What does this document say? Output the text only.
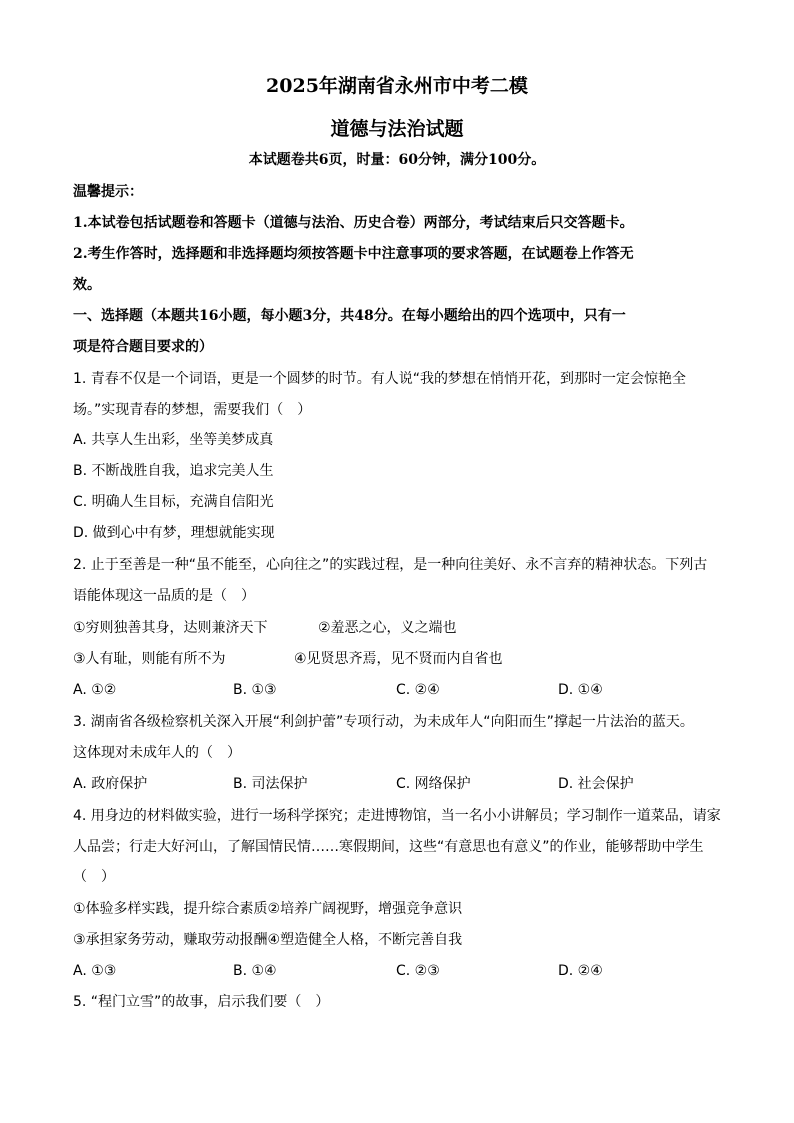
2025年湖南省永州市中考二模
道德与法治试题
本试题卷共6页，时量：60分钟，满分100分。
温馨提示：
1.本试卷包括试题卷和答题卡（道德与法治、历史合卷）两部分，考试结束后只交答题卡。
2.考生作答时，选择题和非选择题均须按答题卡中注意事项的要求答题，在试题卷上作答无
效。
一、选择题（本题共16小题，每小题3分，共48分。在每小题给出的四个选项中，只有一
项是符合题目要求的）
1. 青春不仅是一个词语，更是一个圆梦的时节。有人说“我的梦想在悄悄开花，到那时一定会惊艳全
场。”实现青春的梦想，需要我们（　）
A. 共享人生出彩，坐等美梦成真
B. 不断战胜自我，追求完美人生
C. 明确人生目标，充满自信阳光
D. 做到心中有梦，理想就能实现
2. 止于至善是一种“虽不能至，心向往之”的实践过程，是一种向往美好、永不言弃的精神状态。下列古
语能体现这一品质的是（　）
①穷则独善其身，达则兼济天下	②羞恶之心，义之端也
③人有耻，则能有所不为	④见贤思齐焉，见不贤而内自省也
A. ①②	B. ①③	C. ②④	D. ①④
3. 湖南省各级检察机关深入开展“利剑护蕾”专项行动，为未成年人“向阳而生”撑起一片法治的蓝天。
这体现对未成年人的（　）
A. 政府保护	B. 司法保护	C. 网络保护	D. 社会保护
4. 用身边的材料做实验，进行一场科学探究；走进博物馆，当一名小小讲解员；学习制作一道菜品，请家
人品尝；行走大好河山，了解国情民情……寒假期间，这些“有意思也有意义”的作业，能够帮助中学生
（　）
①体验多样实践，提升综合素质②培养广阔视野，增强竞争意识
③承担家务劳动，赚取劳动报酬④塑造健全人格，不断完善自我
A. ①③	B. ①④	C. ②③	D. ②④
5. “程门立雪”的故事，启示我们要（　）
